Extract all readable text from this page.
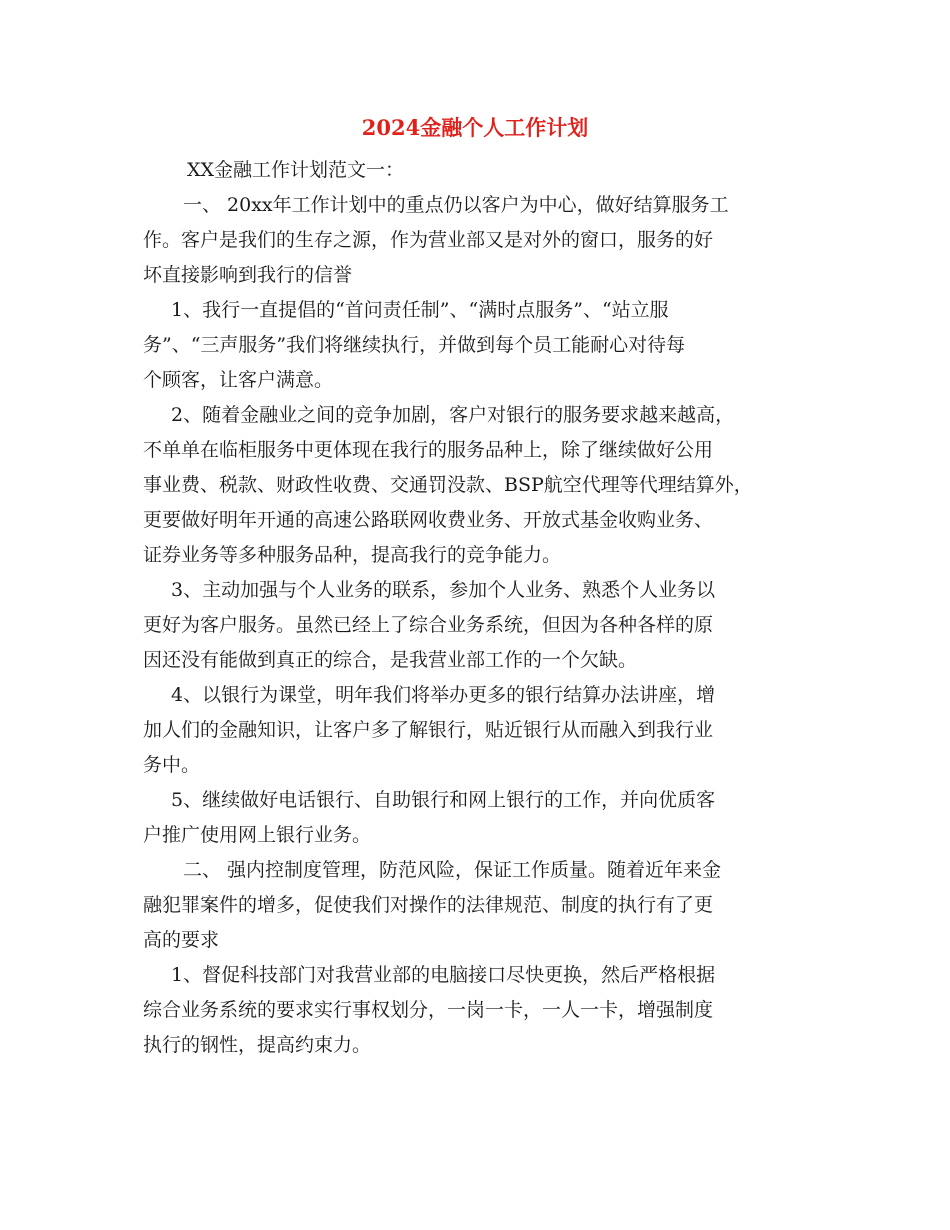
2024金融个人工作计划
XX金融工作计划范文一：
一、 20xx年工作计划中的重点仍以客户为中心，做好结算服务工
作。客户是我们的生存之源，作为营业部又是对外的窗口，服务的好
坏直接影响到我行的信誉
1、我行一直提倡的“首问责任制”、“满时点服务”、“站立服
务”、“三声服务”我们将继续执行，并做到每个员工能耐心对待每
个顾客，让客户满意。
2、随着金融业之间的竞争加剧，客户对银行的服务要求越来越高，
不单单在临柜服务中更体现在我行的服务品种上，除了继续做好公用
事业费、税款、财政性收费、交通罚没款、BSP航空代理等代理结算外，
更要做好明年开通的高速公路联网收费业务、开放式基金收购业务、
证券业务等多种服务品种，提高我行的竞争能力。
3、主动加强与个人业务的联系，参加个人业务、熟悉个人业务以
更好为客户服务。虽然已经上了综合业务系统，但因为各种各样的原
因还没有能做到真正的综合，是我营业部工作的一个欠缺。
4、以银行为课堂，明年我们将举办更多的银行结算办法讲座，增
加人们的金融知识，让客户多了解银行，贴近银行从而融入到我行业
务中。
5、继续做好电话银行、自助银行和网上银行的工作，并向优质客
户推广使用网上银行业务。
二、 强内控制度管理，防范风险，保证工作质量。随着近年来金
融犯罪案件的增多，促使我们对操作的法律规范、制度的执行有了更
高的要求
1、督促科技部门对我营业部的电脑接口尽快更换，然后严格根据
综合业务系统的要求实行事权划分，一岗一卡，一人一卡，增强制度
执行的钢性，提高约束力。
